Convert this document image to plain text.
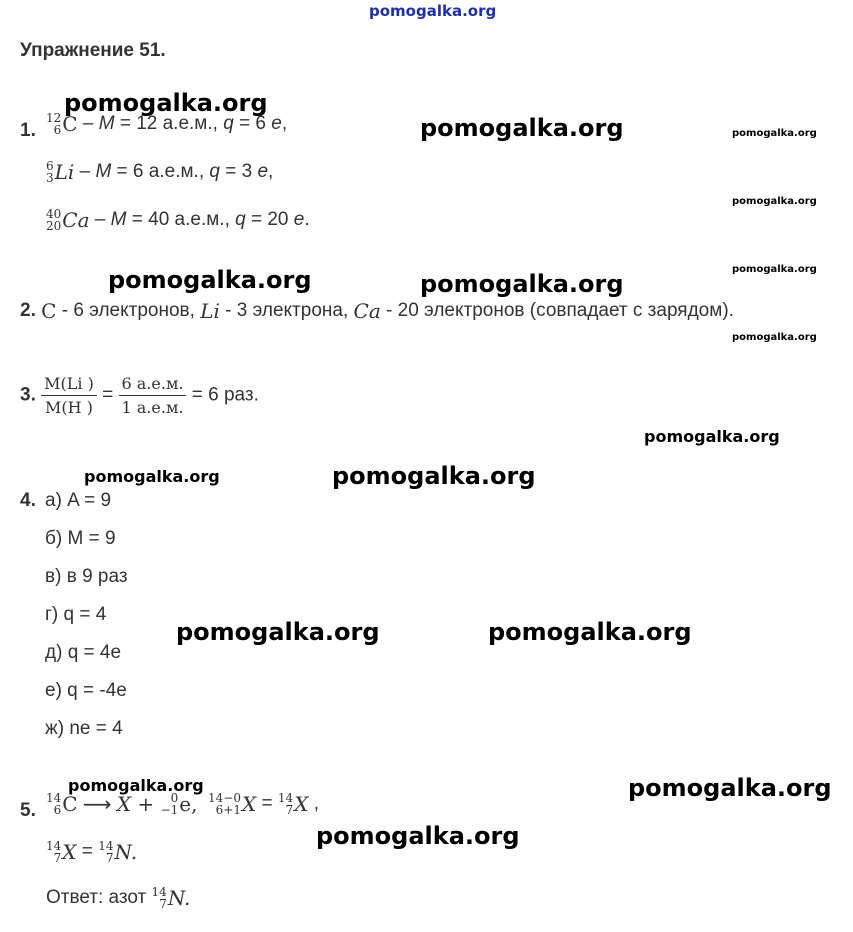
pomogalka.org
Упражнение 51.
1.
12
6 C – M = 12 а.е.м., q = 6 e,
6
3 Li – M = 6 а.е.м., q = 3 e,
40
20 Ca – M = 40 а.е.м., q = 20 e.
2. C - 6 электронов, Li - 3 электрона, Ca - 20 электронов (совпадает с зарядом).
3. $\frac{M(Li )}{M(H )} = \frac{6 а.е.м.}{1 а.е.м.} = 6$ раз.
4. а) A = 9
б) M = 9
в) в 9 раз
г) q = 4
д) q = 4e
е) q = -4e
ж) ne = 4
5.
14
6 C ⟶ X + 0
−1 e, 14−0
6+1 X = 14
7 X ,
14
7 X = 14
7 N.
Ответ: азот 14
7 N.
pomogalka.org
pomogalka.org	pomogalka.org
pomogalka.org
pomogalka.org	pomogalka.org
pomogalka.org
pomogalka.org
pomogalka.org
pomogalka.org	pomogalka.org
pomogalka.org	pomogalka.org
pomogalka.org	pomogalka.org
pomogalka.org
